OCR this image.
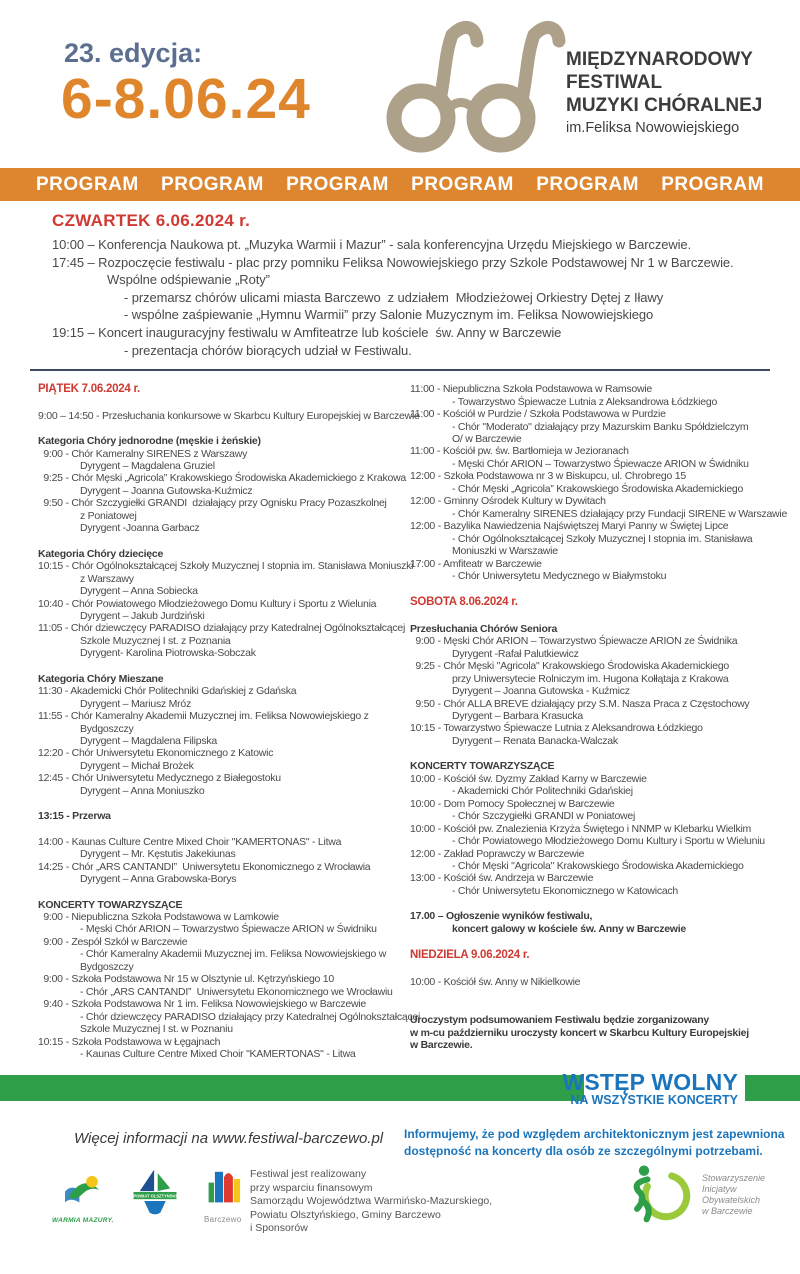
23. edycja:
6-8.06.24
MIĘDZYNARODOWY
FESTIWAL
MUZYKI CHÓRALNEJ
im.Feliksa Nowowiejskiego
PROGRAM PROGRAM PROGRAM PROGRAM PROGRAM PROGRAM
CZWARTEK 6.06.2024 r.
10:00 – Konferencja Naukowa pt. „Muzyka Warmii i Mazur” - sala konferencyjna Urzędu Miejskiego w Barczewie.
17:45 – Rozpoczęcie festiwalu - plac przy pomniku Feliksa Nowowiejskiego przy Szkole Podstawowej Nr 1 w Barczewie.
Wspólne odśpiewanie „Roty”
- przemarsz chórów ulicami miasta Barczewo  z udziałem  Młodzieżowej Orkiestry Dętej z Iławy
- wspólne zaśpiewanie „Hymnu Warmii” przy Salonie Muzycznym im. Feliksa Nowowiejskiego
19:15 – Koncert inauguracyjny festiwalu w Amfiteatrze lub kościele  św. Anny w Barczewie
- prezentacja chórów biorących udział w Festiwalu.
PIĄTEK 7.06.2024 r.
9:00 – 14:50 - Przesłuchania konkursowe w Skarbcu Kultury Europejskiej w Barczewie
Kategoria Chóry jednorodne (męskie i żeńskie)
9:00 - Chór Kameralny SIRENES z Warszawy
Dyrygent – Magdalena Gruziel
9:25 - Chór Męski „Agricola” Krakowskiego Środowiska Akademickiego z Krakowa
Dyrygent – Joanna Gutowska-Kuźmicz
9:50 - Chór Szczygiełki GRANDI  działający przy Ognisku Pracy Pozaszkolnej
z Poniatowej
Dyrygent -Joanna Garbacz
Kategoria Chóry dziecięce
10:15 - Chór Ogólnokształcącej Szkoły Muzycznej I stopnia im. Stanisława Moniuszki
z Warszawy
Dyrygent – Anna Sobiecka
10:40 - Chór Powiatowego Młodzieżowego Domu Kultury i Sportu z Wielunia
Dyrygent – Jakub Jurdziński
11:05 - Chór dziewczęcy PARADISO działający przy Katedralnej Ogólnokształcącej
Szkole Muzycznej I st. z Poznania
Dyrygent- Karolina Piotrowska-Sobczak
Kategoria Chóry Mieszane
11:30 - Akademicki Chór Politechniki Gdańskiej z Gdańska
Dyrygent – Mariusz Mróz
11:55 - Chór Kameralny Akademii Muzycznej im. Feliksa Nowowiejskiego z
Bydgoszczy
Dyrygent – Magdalena Filipska
12:20 - Chór Uniwersytetu Ekonomicznego z Katowic
Dyrygent – Michał Brożek
12:45 - Chór Uniwersytetu Medycznego z Białegostoku
Dyrygent – Anna Moniuszko
13:15 - Przerwa
14:00 - Kaunas Culture Centre Mixed Choir "KAMERTONAS" - Litwa
Dyrygent – Mr. Kęstutis Jakekiunas
14:25 - Chór „ARS CANTANDI”  Uniwersytetu Ekonomicznego z Wrocławia
Dyrygent – Anna Grabowska-Borys
KONCERTY TOWARZYSZĄCE
9:00 - Niepubliczna Szkoła Podstawowa w Lamkowie
- Męski Chór ARION – Towarzystwo Śpiewacze ARION w Świdniku
9:00 - Zespół Szkół w Barczewie
- Chór Kameralny Akademii Muzycznej im. Feliksa Nowowiejskiego w
Bydgoszczy
9:00 - Szkoła Podstawowa Nr 15 w Olsztynie ul. Kętrzyńskiego 10
- Chór „ARS CANTANDI”  Uniwersytetu Ekonomicznego we Wrocławiu
9:40 - Szkoła Podstawowa Nr 1 im. Feliksa Nowowiejskiego w Barczewie
- Chór dziewczęcy PARADISO działający przy Katedralnej Ogólnokształcącej
Szkole Muzycznej I st. w Poznaniu
10:15 - Szkoła Podstawowa w Łęgajnach
- Kaunas Culture Centre Mixed Choir "KAMERTONAS" - Litwa
11:00 - Niepubliczna Szkoła Podstawowa w Ramsowie
- Towarzystwo Śpiewacze Lutnia z Aleksandrowa Łódzkiego
11:00 - Kościół w Purdzie / Szkoła Podstawowa w Purdzie
- Chór "Moderato" działający przy Mazurskim Banku Spółdzielczym
O/ w Barczewie
11:00 - Kościół pw. św. Bartłomieja w Jezioranach
- Męski Chór ARION – Towarzystwo Śpiewacze ARION w Świdniku
12:00 - Szkoła Podstawowa nr 3 w Biskupcu, ul. Chrobrego 15
- Chór Męski „Agricola” Krakowskiego Środowiska Akademickiego
12:00 - Gminny Ośrodek Kultury w Dywitach
- Chór Kameralny SIRENES działający przy Fundacji SIRENE w Warszawie
12:00 - Bazylika Nawiedzenia Najświętszej Maryi Panny w Świętej Lipce
- Chór Ogólnokształcącej Szkoły Muzycznej I stopnia im. Stanisława
Moniuszki w Warszawie
17:00 - Amfiteatr w Barczewie
- Chór Uniwersytetu Medycznego w Białymstoku
SOBOTA 8.06.2024 r.
Przesłuchania Chórów Seniora
9:00 - Męski Chór ARION – Towarzystwo Śpiewacze ARION ze Świdnika
Dyrygent -Rafał Palutkiewicz
9:25 - Chór Męski "Agricola" Krakowskiego Środowiska Akademickiego
przy Uniwersytecie Rolniczym im. Hugona Kołłątaja z Krakowa
Dyrygent – Joanna Gutowska - Kuźmicz
9:50 - Chór ALLA BREVE działający przy S.M. Nasza Praca z Częstochowy
Dyrygent – Barbara Krasucka
10:15 - Towarzystwo Śpiewacze Lutnia z Aleksandrowa Łódzkiego
Dyrygent – Renata Banacka-Walczak
KONCERTY TOWARZYSZĄCE
10:00 - Kościół św. Dyzmy Zakład Karny w Barczewie
- Akademicki Chór Politechniki Gdańskiej
10:00 - Dom Pomocy Społecznej w Barczewie
- Chór Szczygiełki GRANDI w Poniatowej
10:00 - Kościół pw. Znalezienia Krzyża Świętego i NNMP w Klebarku Wielkim
- Chór Powiatowego Młodzieżowego Domu Kultury i Sportu w Wieluniu
12:00 - Zakład Poprawczy w Barczewie
- Chór Męski "Agricola" Krakowskiego Środowiska Akademickiego
13:00 - Kościół św. Andrzeja w Barczewie
- Chór Uniwersytetu Ekonomicznego w Katowicach
17.00 – Ogłoszenie wyników festiwalu,
koncert galowy w kościele św. Anny w Barczewie
NIEDZIELA 9.06.2024 r.
10:00 - Kościół św. Anny w Nikielkowie
Uroczystym podsumowaniem Festiwalu będzie zorganizowany
w m-cu październiku uroczysty koncert w Skarbcu Kultury Europejskiej
w Barczewie.
WSTĘP WOLNY
NA WSZYSTKIE KONCERTY
Więcej informacji na www.festiwal-barczewo.pl Informujemy, że pod względem architektonicznym jest zapewniona dostępność na koncerty dla osób ze szczególnymi potrzebami.
WARMIA MAZURY.
POWIAT OLSZTYŃSKI
Barczewo
Festiwal jest realizowany
przy wsparciu finansowym
Samorządu Województwa Warmińsko-Mazurskiego,
Powiatu Olsztyńskiego, Gminy Barczewo
i Sponsorów
Stowarzyszenie
Inicjatyw
Obywatelskich
w Barczewie
